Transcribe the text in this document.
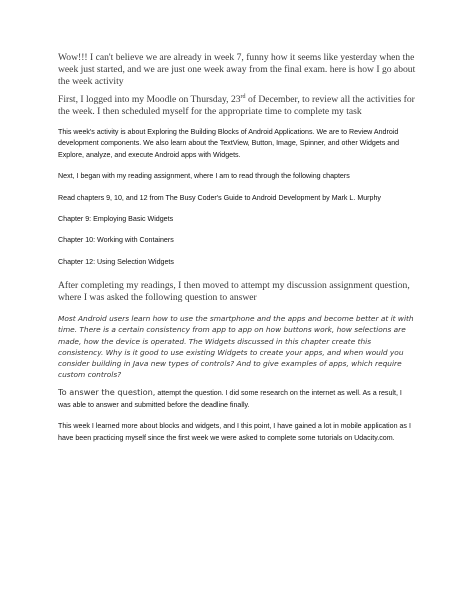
Wow!!! I can't believe we are already in week 7, funny how it seems like yesterday when the week just started, and we are just one week away from the final exam. here is how I go about the week activity

First, I logged into my Moodle on Thursday, 23rd of December, to review all the activities for the week. I then scheduled myself for the appropriate time to complete my task

This week's activity is about Exploring the Building Blocks of Android Applications. We are to Review Android development components. We also learn about the TextView, Button, Image, Spinner, and other Widgets and Explore, analyze, and execute Android apps with Widgets.

Next, I began with my reading assignment, where I am to read through the following chapters

Read chapters 9, 10, and 12 from The Busy Coder's Guide to Android Development by Mark L. Murphy

Chapter 9: Employing Basic Widgets

Chapter 10: Working with Containers

Chapter 12: Using Selection Widgets

After completing my readings, I then moved to attempt my discussion assignment question, where I was asked the following question to answer

Most Android users learn how to use the smartphone and the apps and become better at it with time. There is a certain consistency from app to app on how buttons work, how selections are made, how the device is operated. The Widgets discussed in this chapter create this consistency. Why is it good to use existing Widgets to create your apps, and when would you consider building in Java new types of controls? And to give examples of apps, which require custom controls?

To answer the question, attempt the question. I did some research on the internet as well. As a result, I was able to answer and submitted before the deadline finally.

This week I learned more about blocks and widgets, and I this point, I have gained a lot in mobile application as I have been practicing myself since the first week we were asked to complete some tutorials on Udacity.com.
